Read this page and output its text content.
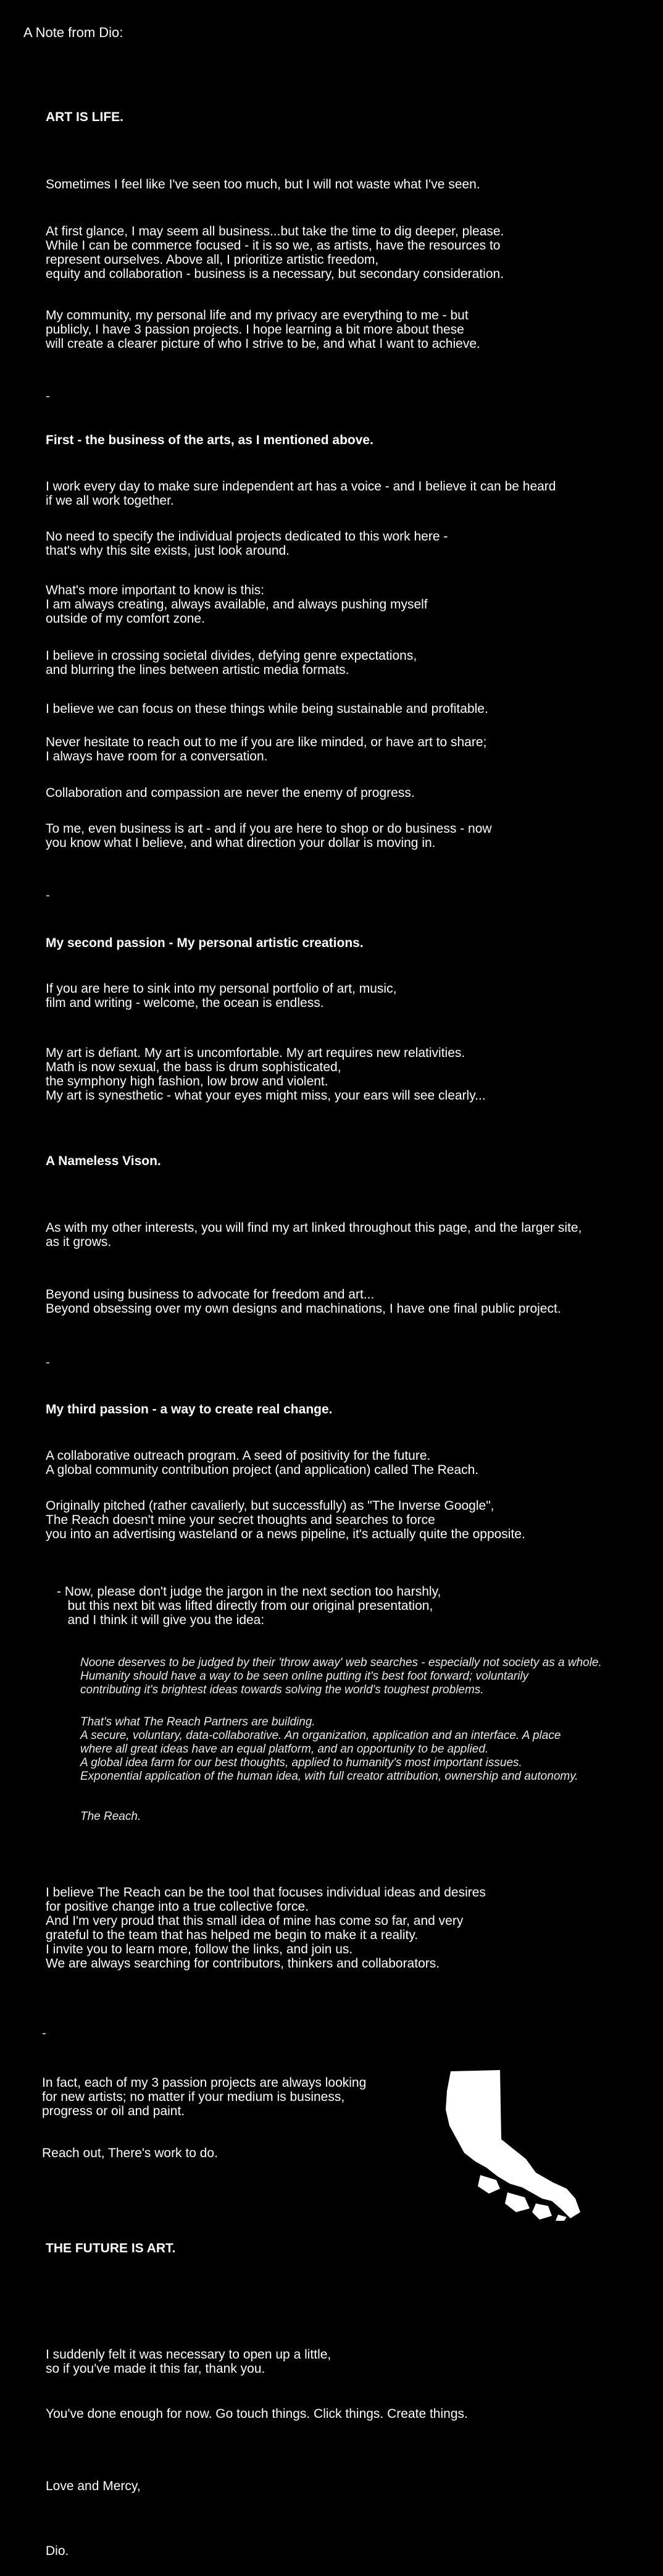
A Note from Dio:
ART IS LIFE.
Sometimes I feel like I've seen too much, but I will not waste what I've seen.
At first glance, I may seem all business...but take the time to dig deeper, please.
While I can be commerce focused - it is so we, as artists, have the resources to
represent ourselves. Above all, I prioritize artistic freedom,
equity and collaboration - business is a necessary, but secondary consideration.
My community, my personal life and my privacy are everything to me - but
publicly, I have 3 passion projects. I hope learning a bit more about these
will create a clearer picture of who I strive to be, and what I want to achieve.
-
First - the business of the arts, as I mentioned above.
I work every day to make sure independent art has a voice - and I believe it can be heard
if we all work together.
No need to specify the individual projects dedicated to this work here -
that's why this site exists, just look around.
What's more important to know is this:
I am always creating, always available, and always pushing myself
outside of my comfort zone.
I believe in crossing societal divides, defying genre expectations,
and blurring the lines between artistic media formats.
I believe we can focus on these things while being sustainable and profitable.
Never hesitate to reach out to me if you are like minded, or have art to share;
I always have room for a conversation.
Collaboration and compassion are never the enemy of progress.
To me, even business is art - and if you are here to shop or do business - now
you know what I believe, and what direction your dollar is moving in.
-
My second passion - My personal artistic creations.
If you are here to sink into my personal portfolio of art, music,
film and writing - welcome, the ocean is endless.
My art is defiant. My art is uncomfortable. My art requires new relativities.
Math is now sexual, the bass is drum sophisticated,
the symphony high fashion, low brow and violent.
My art is synesthetic - what your eyes might miss, your ears will see clearly...
A Nameless Vison.
As with my other interests, you will find my art linked throughout this page, and the larger site,
as it grows.
Beyond using business to advocate for freedom and art...
Beyond obsessing over my own designs and machinations, I have one final public project.
-
My third passion - a way to create real change.
A collaborative outreach program. A seed of positivity for the future.
A global community contribution project (and application) called The Reach.
Originally pitched (rather cavalierly, but successfully) as "The Inverse Google",
The Reach doesn't mine your secret thoughts and searches to force
you into an advertising wasteland or a news pipeline, it's actually quite the opposite.
- Now, please don't judge the jargon in the next section too harshly,
but this next bit was lifted directly from our original presentation,
and I think it will give you the idea:
Noone deserves to be judged by their 'throw away' web searches - especially not society as a whole.
Humanity should have a way to be seen online putting it's best foot forward; voluntarily
contributing it's brightest ideas towards solving the world's toughest problems.
That's what The Reach Partners are building.
A secure, voluntary, data-collaborative. An organization, application and an interface. A place
where all great ideas have an equal platform, and an opportunity to be applied.
A global idea farm for our best thoughts, applied to humanity's most important issues.
Exponential application of the human idea, with full creator attribution, ownership and autonomy.
The Reach.
I believe The Reach can be the tool that focuses individual ideas and desires
for positive change into a true collective force.
And I'm very proud that this small idea of mine has come so far, and very
grateful to the team that has helped me begin to make it a reality.
I invite you to learn more, follow the links, and join us.
We are always searching for contributors, thinkers and collaborators.
-
In fact, each of my 3 passion projects are always looking
for new artists; no matter if your medium is business,
progress or oil and paint.
Reach out, There's work to do.
THE FUTURE IS ART.
I suddenly felt it was necessary to open up a little,
so if you've made it this far, thank you.
You've done enough for now. Go touch things. Click things. Create things.
Love and Mercy,
Dio.
